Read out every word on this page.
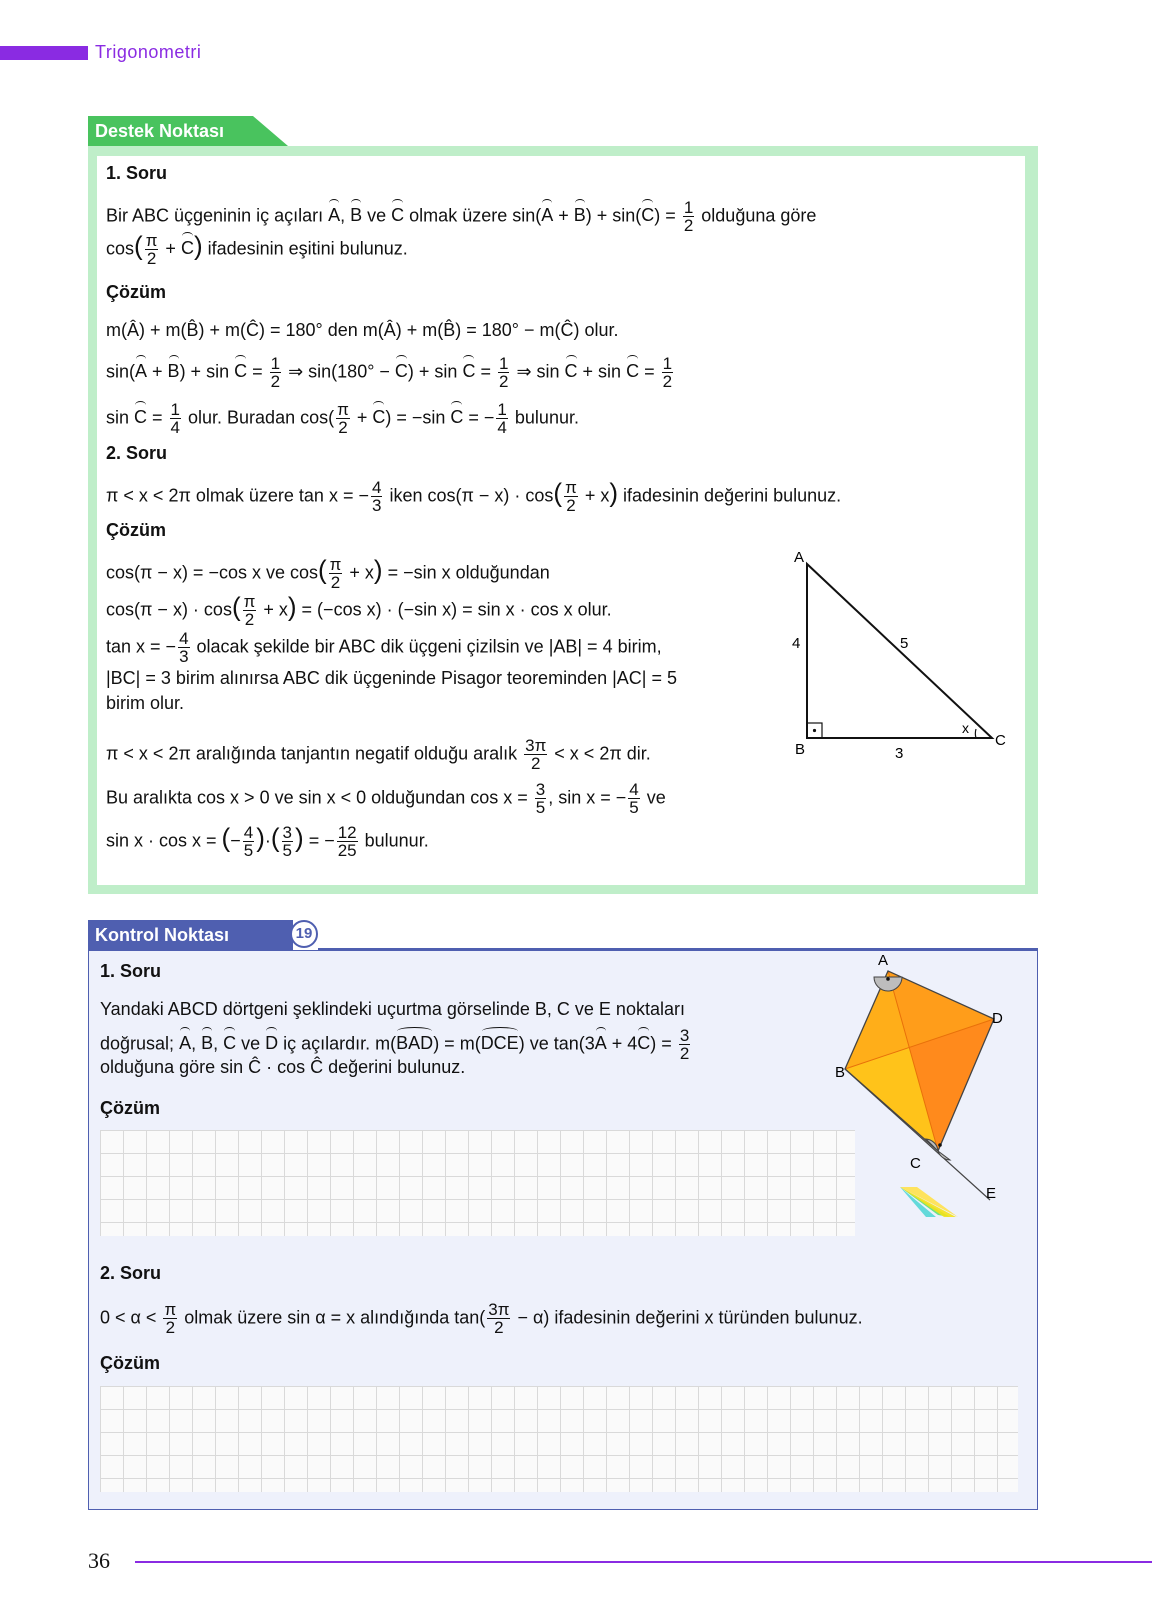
Trigonometri
Destek Noktası
1. Soru
Bir ABC üçgeninin iç açıları A, B ve C olmak üzere $\sin(A + B) + \sin(C) = \frac{1}{2}$ olduğuna göre
$\cos( \frac{\pi}{2} + C)$ ifadesinin eşitini bulunuz.
Çözüm
m(Â) + m(B̂) + m(Ĉ) = 180° den m(Â) + m(B̂) = 180° − m(Ĉ) olur.
$\sin(A + B) + \sin C = \frac{1}{2}$ ⇒ $\sin(180^\circ - C) + \sin C = \frac{1}{2}$ ⇒ $\sin C + \sin C = \frac{1}{2}$
$\sin C = \frac{1}{4}$ olur. Buradan $\cos( \frac{\pi}{2} + C) = -\sin$ C = − $\frac{1}{4}$ bulunur.
2. Soru
π < x < 2π olmak üzere tan x = − $\frac{4}{3}$ iken $\cos(\pi - x) \cdot \cos( \frac{\pi}{2} + x)$ ifadesinin değerini bulunuz.
Çözüm
cos(π − x) = −cos x ve $\cos( \frac{\pi}{2} + x) = -\sin$ x olduğundan
$\cos(\pi - x) \cdot \cos( \frac{\pi}{2} + x) = (-\cos$ x) · (−sin x) = sin x · cos x olur.
tan x = − $\frac{4}{3}$ olacak şekilde bir ABC dik üçgeni çizilsin ve |AB| = 4 birim,
|BC| = 3 birim alınırsa ABC dik üçgeninde Pisagor teoreminden |AC| = 5
birim olur.
π < x < 2π aralığında tanjantın negatif olduğu aralık $\frac{3\pi}{2} < x < 2\pi$ dir.
Bu aralıkta cos x > 0 ve sin x < 0 olduğundan $\cos x = \frac{3}{5}$ , sin x = − $\frac{4}{5}$ ve
sin x · cos x = (− $\frac{4}{5}$ )·( $\frac{3}{5}$ ) = − $\frac{12}{25}$ bulunur.
A
B
C
4	5
3
x
Kontrol Noktası	19
1. Soru
Yandaki ABCD dörtgeni şeklindeki uçurtma görselinde B, C ve E noktaları
doğrusal; A, B, C ve D iç açılardır. m(BAD) = m(DCE) ve $\tan(3A + 4C) = \frac{3}{2}$
olduğuna göre sin Ĉ · cos Ĉ değerini bulunuz.
Çözüm
A
D
B
C
E
2. Soru
$0 < \alpha < \frac{\pi}{2}$ olmak üzere sin α = x alındığında $\tan( \frac{3\pi}{2} - \alpha)$ ifadesinin değerini x türünden bulunuz.
Çözüm
36
